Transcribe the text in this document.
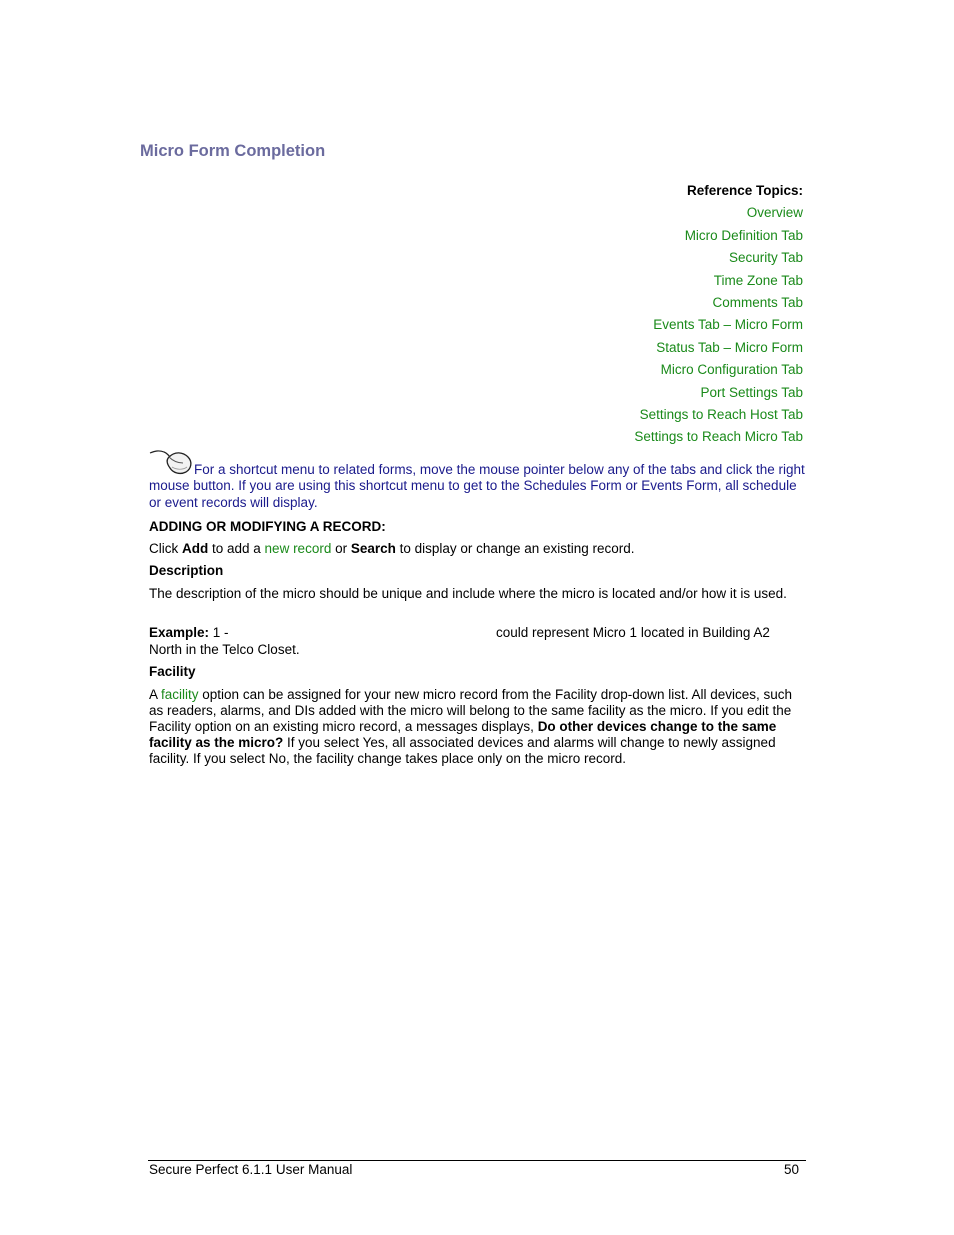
Micro Form Completion
Reference Topics:
Overview
Micro Definition Tab
Security Tab
Time Zone Tab
Comments Tab
Events Tab – Micro Form
Status Tab – Micro Form
Micro Configuration Tab
Port Settings Tab
Settings to Reach Host Tab
Settings to Reach Micro Tab
For a shortcut menu to related forms, move the mouse pointer below any of the tabs and click the right mouse button. If you are using this shortcut menu to get to the Schedules Form or Events Form, all schedule or event records will display.
ADDING OR MODIFYING A RECORD:
Click Add to add a new record or Search to display or change an existing record.
Description
The description of the micro should be unique and include where the micro is located and/or how it is used.
Example: 1 -	could represent Micro 1 located in Building A2
North in the Telco Closet.
Facility
A facility option can be assigned for your new micro record from the Facility drop-down list. All devices, such as readers, alarms, and DIs added with the micro will belong to the same facility as the micro. If you edit the Facility option on an existing micro record, a messages displays, Do other devices change to the same facility as the micro? If you select Yes, all associated devices and alarms will change to newly assigned facility. If you select No, the facility change takes place only on the micro record.
Secure Perfect 6.1.1 User Manual	50
